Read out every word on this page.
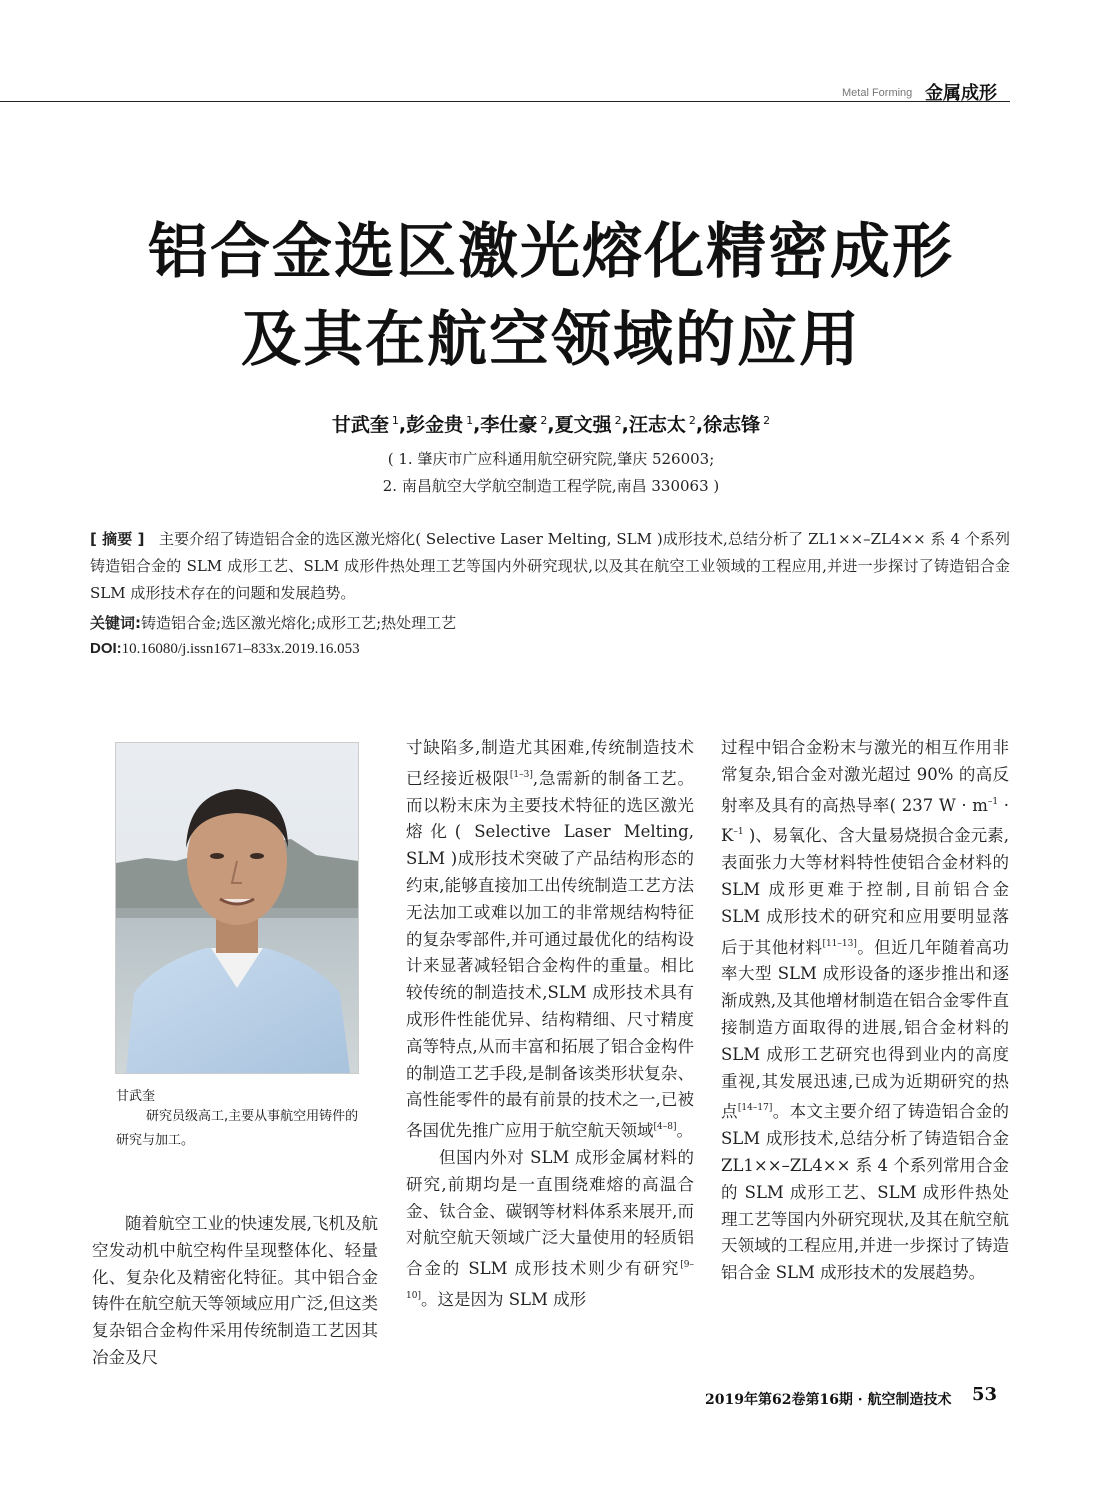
Metal Forming 金属成形
铝合金选区激光熔化精密成形
及其在航空领域的应用
甘武奎 $^1$,彭金贵 $^1$,李仕豪 $^2$,夏文强 $^2$,汪志太 $^2$,徐志锋 $^2$
( 1. 肇庆市广应科通用航空研究院,肇庆 526003;
2. 南昌航空大学航空制造工程学院,南昌 330063 )
[ 摘要 ] 主要介绍了铸造铝合金的选区激光熔化( Selective Laser Melting, SLM )成形技术,总结分析了 ZL1××–ZL4×× 系 4 个系列铸造铝合金的 SLM 成形工艺、SLM 成形件热处理工艺等国内外研究现状,以及其在航空工业领域的工程应用,并进一步探讨了铸造铝合金 SLM 成形技术存在的问题和发展趋势。
关键词:铸造铝合金;选区激光熔化;成形工艺;热处理工艺
DOI:10.16080/j.issn1671–833x.2019.16.053
甘武奎
研究员级高工,主要从事航空用铸件的研究与加工。

随着航空工业的快速发展,飞机及航空发动机中航空构件呈现整体化、轻量化、复杂化及精密化特征。其中铝合金铸件在航空航天等领域应用广泛,但这类复杂铝合金构件采用传统制造工艺因其冶金及尺

寸缺陷多,制造尤其困难,传统制造技术已经接近极限[1–3],急需新的制备工艺。而以粉末床为主要技术特征的选区激光熔化( Selective Laser Melting, SLM )成形技术突破了产品结构形态的约束,能够直接加工出传统制造工艺方法无法加工或难以加工的非常规结构特征的复杂零部件,并可通过最优化的结构设计来显著减轻铝合金构件的重量。相比较传统的制造技术,SLM 成形技术具有成形件性能优异、结构精细、尺寸精度高等特点,从而丰富和拓展了铝合金构件的制造工艺手段,是制备该类形状复杂、高性能零件的最有前景的技术之一,已被各国优先推广应用于航空航天领域[4–8]。

但国内外对 SLM 成形金属材料的研究,前期均是一直围绕难熔的高温合金、钛合金、碳钢等材料体系来展开,而对航空航天领域广泛大量使用的轻质铝合金的 SLM 成形技术则少有研究[9–10]。这是因为 SLM 成形

过程中铝合金粉末与激光的相互作用非常复杂,铝合金对激光超过 90% 的高反射率及具有的高热导率( 237 $W \cdot m^{-1} \cdot K^{-1}$ )、易氧化、含大量易烧损合金元素,表面张力大等材料特性使铝合金材料的 SLM 成形更难于控制,目前铝合金 SLM 成形技术的研究和应用要明显落后于其他材料[11–13]。但近几年随着高功率大型 SLM 成形设备的逐步推出和逐渐成熟,及其他增材制造在铝合金零件直接制造方面取得的进展,铝合金材料的 SLM 成形工艺研究也得到业内的高度重视,其发展迅速,已成为近期研究的热点[14–17]。本文主要介绍了铸造铝合金的 SLM 成形技术,总结分析了铸造铝合金 ZL1××–ZL4×× 系 4 个系列常用合金的 SLM 成形工艺、SLM 成形件热处理工艺等国内外研究现状,及其在航空航天领域的工程应用,并进一步探讨了铸造铝合金 SLM 成形技术的发展趋势。

2019年第62卷第16期 · 航空制造技术 53
